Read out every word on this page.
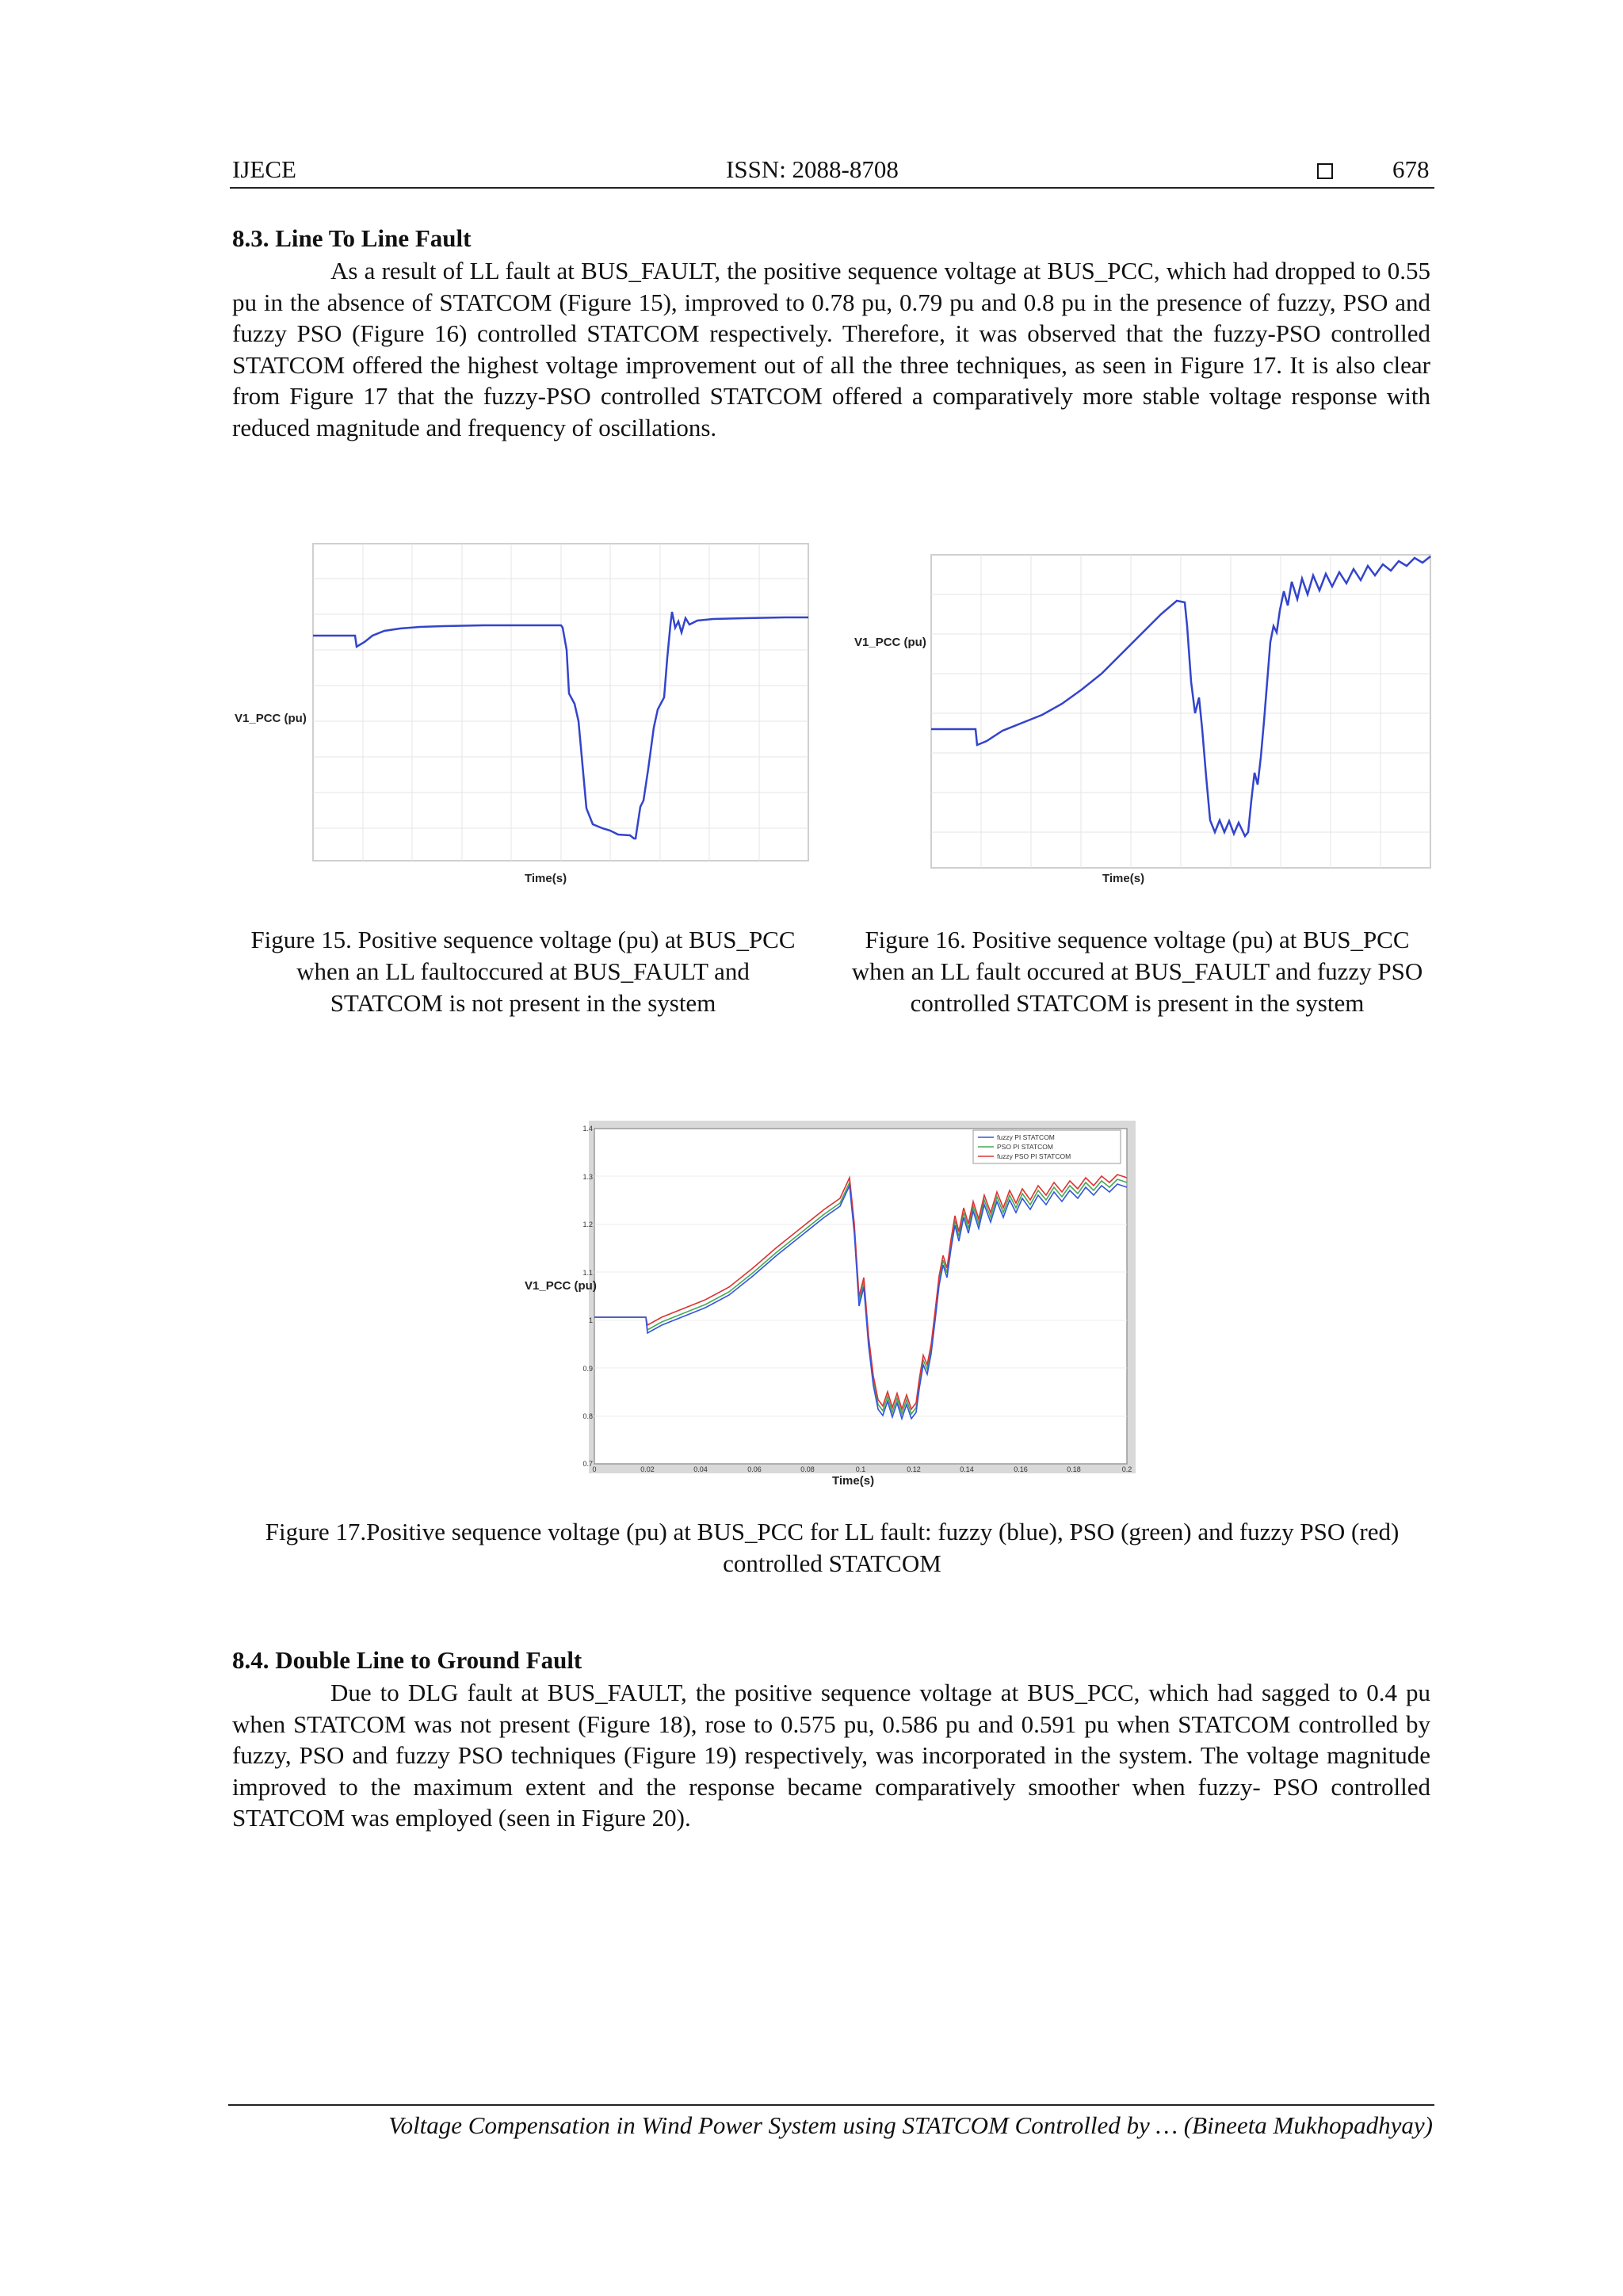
IJECE	ISSN: 2088-8708	678
8.3. Line To Line Fault
As a result of LL fault at BUS_FAULT, the positive sequence voltage at BUS_PCC, which had dropped to 0.55 pu in the absence of STATCOM (Figure 15), improved to 0.78 pu, 0.79 pu and 0.8 pu in the presence of fuzzy, PSO and fuzzy PSO (Figure 16) controlled STATCOM respectively. Therefore, it was observed that the fuzzy-PSO controlled STATCOM offered the highest voltage improvement out of all the three techniques, as seen in Figure 17. It is also clear from Figure 17 that the fuzzy-PSO controlled STATCOM offered a comparatively more stable voltage response with reduced magnitude and frequency of oscillations.
V1_PCC (pu)
Time(s)
Figure 15. Positive sequence voltage (pu) at BUS_PCC when an LL faultoccured at BUS_FAULT and STATCOM is not present in the system
V1_PCC (pu)
Time(s)
Figure 16. Positive sequence voltage (pu) at BUS_PCC when an LL fault occured at BUS_FAULT and fuzzy PSO controlled STATCOM is present in the system
1.4
1.3
1.2
1.1
1
0.9
0.8
0.7
0	0.02	0.04	0.06	0.08	0.1	0.12	0.14	0.16	0.18	0.2
fuzzy PI STATCOM
PSO PI STATCOM
fuzzy PSO PI STATCOM
V1_PCC (pu)
Time(s)
Figure 17.Positive sequence voltage (pu) at BUS_PCC for LL fault: fuzzy (blue), PSO (green) and fuzzy PSO (red) controlled STATCOM
8.4. Double Line to Ground Fault
Due to DLG fault at BUS_FAULT, the positive sequence voltage at BUS_PCC, which had sagged to 0.4 pu when STATCOM was not present (Figure 18), rose to 0.575 pu, 0.586 pu and 0.591 pu when STATCOM controlled by fuzzy, PSO and fuzzy PSO techniques (Figure 19) respectively, was incorporated in the system. The voltage magnitude improved to the maximum extent and the response became comparatively smoother when fuzzy- PSO controlled STATCOM was employed (seen in Figure 20).
Voltage Compensation in Wind Power System using STATCOM Controlled by … (Bineeta Mukhopadhyay)
